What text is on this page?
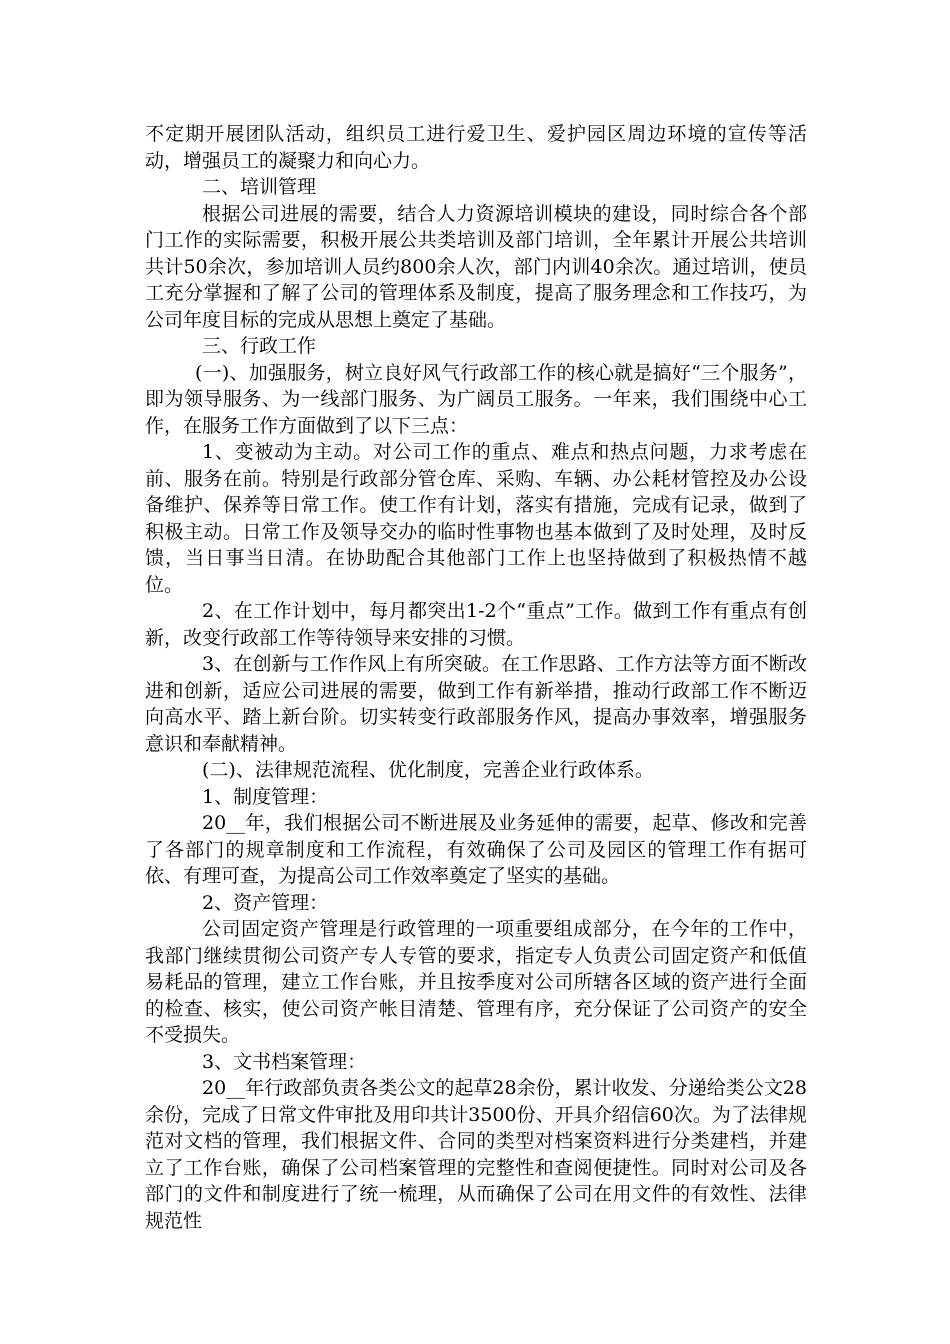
不定期开展团队活动，组织员工进行爱卫生、爱护园区周边环境的宣传等活动，增强员工的凝聚力和向心力。

二、培训管理

根据公司进展的需要，结合人力资源培训模块的建设，同时综合各个部门工作的实际需要，积极开展公共类培训及部门培训，全年累计开展公共培训共计50余次，参加培训人员约800余人次，部门内训40余次。通过培训，使员工充分掌握和了解了公司的管理体系及制度，提高了服务理念和工作技巧，为公司年度目标的完成从思想上奠定了基础。

三、行政工作

(一)、加强服务，树立良好风气行政部工作的核心就是搞好“三个服务”，即为领导服务、为一线部门服务、为广阔员工服务。一年来，我们围绕中心工作，在服务工作方面做到了以下三点：

1、变被动为主动。对公司工作的重点、难点和热点问题，力求考虑在前、服务在前。特别是行政部分管仓库、采购、车辆、办公耗材管控及办公设备维护、保养等日常工作。使工作有计划，落实有措施，完成有记录，做到了积极主动。日常工作及领导交办的临时性事物也基本做到了及时处理，及时反馈，当日事当日清。在协助配合其他部门工作上也坚持做到了积极热情不越位。

2、在工作计划中，每月都突出1-2个“重点”工作。做到工作有重点有创新，改变行政部工作等待领导来安排的习惯。

3、在创新与工作作风上有所突破。在工作思路、工作方法等方面不断改进和创新，适应公司进展的需要，做到工作有新举措，推动行政部工作不断迈向高水平、踏上新台阶。切实转变行政部服务作风，提高办事效率，增强服务意识和奉献精神。

(二)、法律规范流程、优化制度，完善企业行政体系。

1、制度管理：

20__年，我们根据公司不断进展及业务延伸的需要，起草、修改和完善了各部门的规章制度和工作流程，有效确保了公司及园区的管理工作有据可依、有理可查，为提高公司工作效率奠定了坚实的基础。

2、资产管理：

公司固定资产管理是行政管理的一项重要组成部分，在今年的工作中，我部门继续贯彻公司资产专人专管的要求，指定专人负责公司固定资产和低值易耗品的管理，建立工作台账，并且按季度对公司所辖各区域的资产进行全面的检查、核实，使公司资产帐目清楚、管理有序，充分保证了公司资产的安全不受损失。

3、文书档案管理：

20__年行政部负责各类公文的起草28余份，累计收发、分递给类公文28余份，完成了日常文件审批及用印共计3500份、开具介绍信60次。为了法律规范对文档的管理，我们根据文件、合同的类型对档案资料进行分类建档，并建立了工作台账，确保了公司档案管理的完整性和查阅便捷性。同时对公司及各部门的文件和制度进行了统一梳理，从而确保了公司在用文件的有效性、法律规范性
